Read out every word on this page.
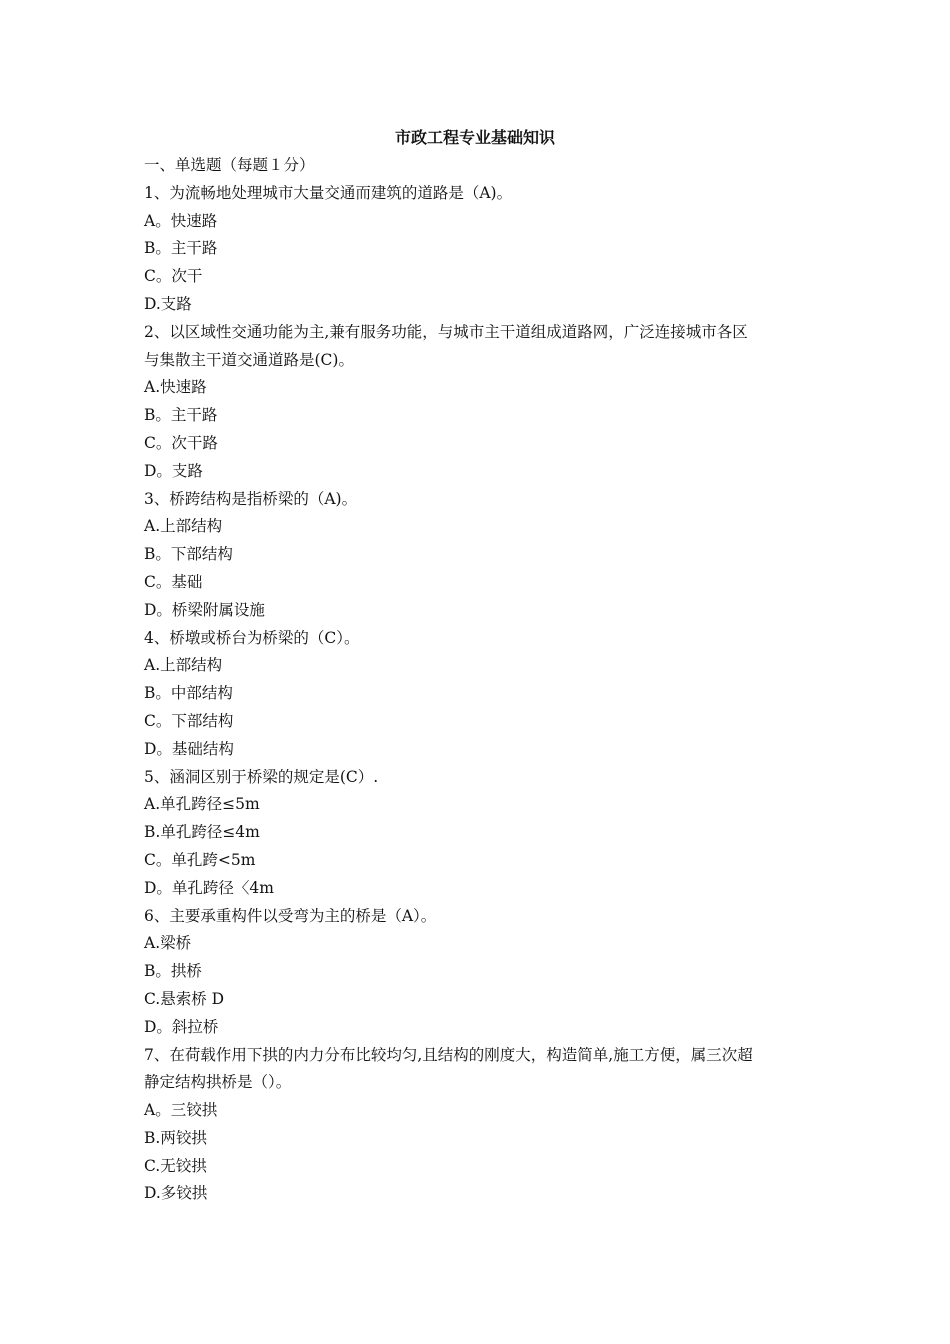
市政工程专业基础知识
一、单选题（每题１分）
1、为流畅地处理城市大量交通而建筑的道路是（A)。
A。快速路
B。主干路
C。次干
D.支路
2、以区域性交通功能为主,兼有服务功能，与城市主干道组成道路网，广泛连接城市各区
与集散主干道交通道路是(C)。
A.快速路
B。主干路
C。次干路
D。支路
3、桥跨结构是指桥梁的（A)。
A.上部结构
B。下部结构
C。基础
D。桥梁附属设施
4、桥墩或桥台为桥梁的（C）。
A.上部结构
B。中部结构
C。下部结构
D。基础结构
5、涵洞区别于桥梁的规定是(C）.
A.单孔跨径≤5m
B.单孔跨径≤4m
C。单孔跨<5m
D。单孔跨径〈4m
6、主要承重构件以受弯为主的桥是（A）。
A.梁桥
B。拱桥
C.悬索桥 D
D。斜拉桥
7、在荷载作用下拱的内力分布比较均匀,且结构的刚度大，构造简单,施工方便，属三次超
静定结构拱桥是（）。
A。三铰拱
B.两铰拱
C.无铰拱
D.多铰拱
